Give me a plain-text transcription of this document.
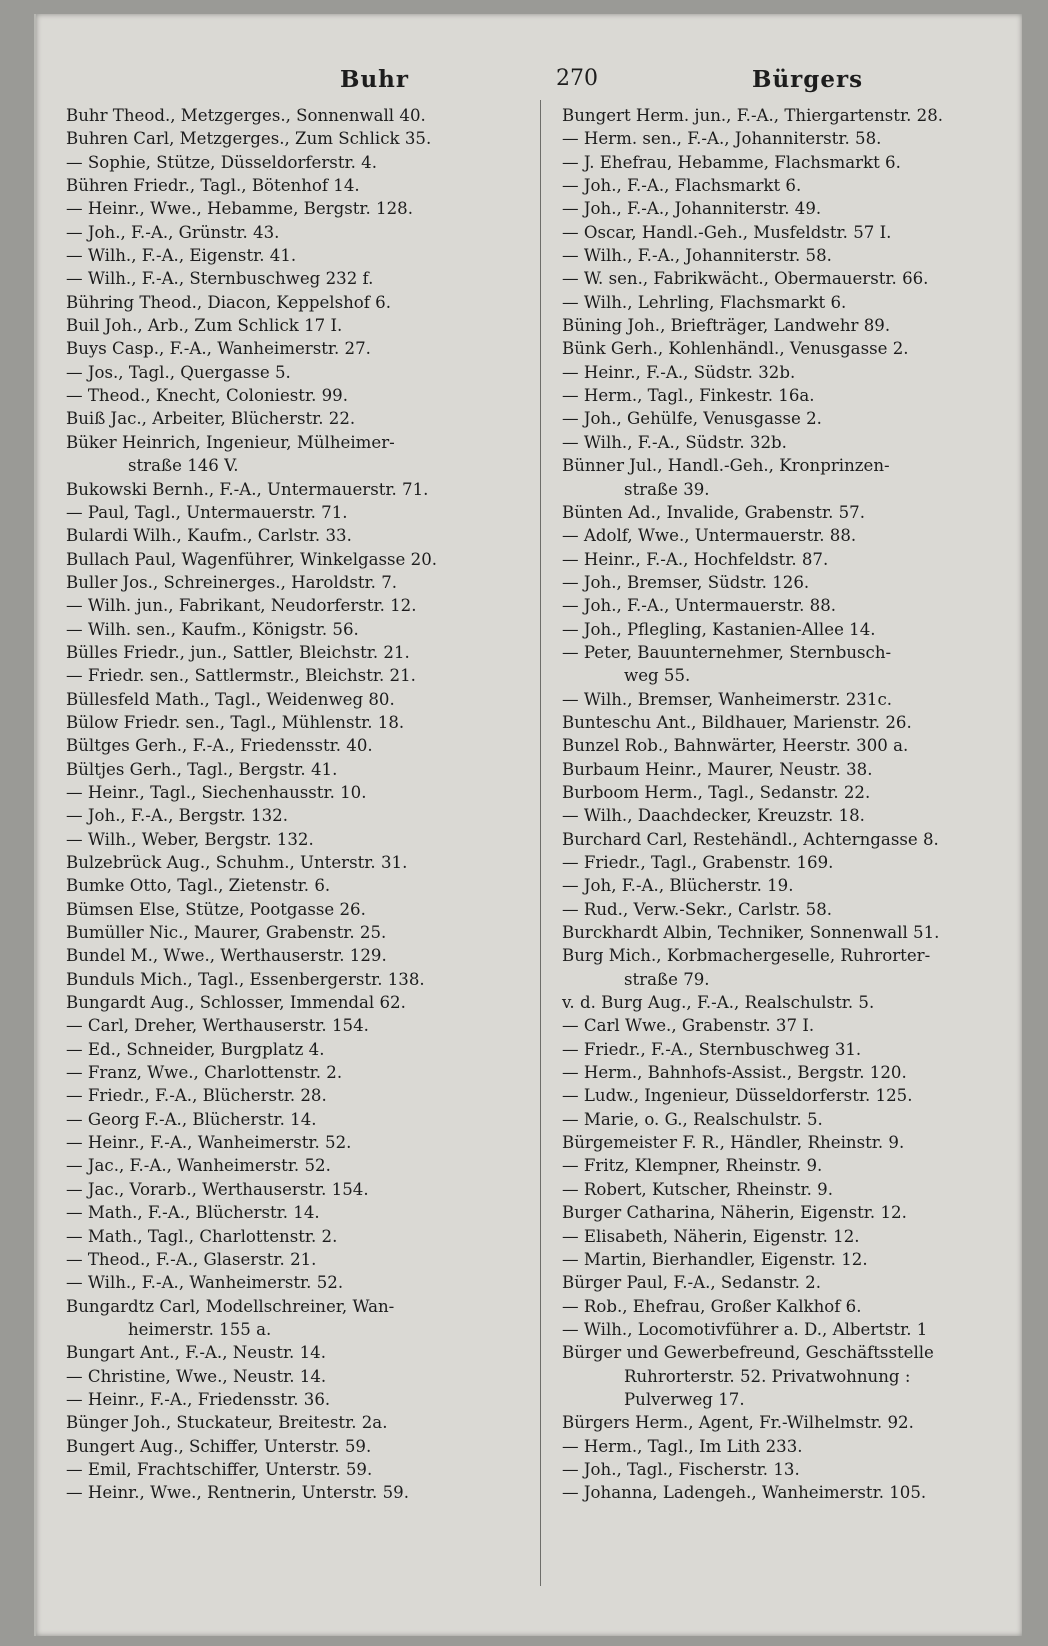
Buhr	270	Bürgers
Buhr Theod., Metzgerges., Sonnenwall 40.
Buhren Carl, Metzgerges., Zum Schlick 35.
— Sophie, Stütze, Düsseldorferstr. 4.
Bühren Friedr., Tagl., Bötenhof 14.
— Heinr., Wwe., Hebamme, Bergstr. 128.
— Joh., F.-A., Grünstr. 43.
— Wilh., F.-A., Eigenstr. 41.
— Wilh., F.-A., Sternbuschweg 232 f.
Bühring Theod., Diacon, Keppelshof 6.
Buil Joh., Arb., Zum Schlick 17 I.
Buys Casp., F.-A., Wanheimerstr. 27.
— Jos., Tagl., Quergasse 5.
— Theod., Knecht, Coloniestr. 99.
Buiß Jac., Arbeiter, Blücherstr. 22.
Büker Heinrich, Ingenieur, Mülheimer-
straße 146 V.
Bukowski Bernh., F.-A., Untermauerstr. 71.
— Paul, Tagl., Untermauerstr. 71.
Bulardi Wilh., Kaufm., Carlstr. 33.
Bullach Paul, Wagenführer, Winkelgasse 20.
Buller Jos., Schreinerges., Haroldstr. 7.
— Wilh. jun., Fabrikant, Neudorferstr. 12.
— Wilh. sen., Kaufm., Königstr. 56.
Bülles Friedr., jun., Sattler, Bleichstr. 21.
— Friedr. sen., Sattlermstr., Bleichstr. 21.
Büllesfeld Math., Tagl., Weidenweg 80.
Bülow Friedr. sen., Tagl., Mühlenstr. 18.
Bültges Gerh., F.-A., Friedensstr. 40.
Bültjes Gerh., Tagl., Bergstr. 41.
— Heinr., Tagl., Siechenhausstr. 10.
— Joh., F.-A., Bergstr. 132.
— Wilh., Weber, Bergstr. 132.
Bulzebrück Aug., Schuhm., Unterstr. 31.
Bumke Otto, Tagl., Zietenstr. 6.
Bümsen Else, Stütze, Pootgasse 26.
Bumüller Nic., Maurer, Grabenstr. 25.
Bundel M., Wwe., Werthauserstr. 129.
Bunduls Mich., Tagl., Essenbergerstr. 138.
Bungardt Aug., Schlosser, Immendal 62.
— Carl, Dreher, Werthauserstr. 154.
— Ed., Schneider, Burgplatz 4.
— Franz, Wwe., Charlottenstr. 2.
— Friedr., F.-A., Blücherstr. 28.
— Georg F.-A., Blücherstr. 14.
— Heinr., F.-A., Wanheimerstr. 52.
— Jac., F.-A., Wanheimerstr. 52.
— Jac., Vorarb., Werthauserstr. 154.
— Math., F.-A., Blücherstr. 14.
— Math., Tagl., Charlottenstr. 2.
— Theod., F.-A., Glaserstr. 21.
— Wilh., F.-A., Wanheimerstr. 52.
Bungardtz Carl, Modellschreiner, Wan-
heimerstr. 155 a.
Bungart Ant., F.-A., Neustr. 14.
— Christine, Wwe., Neustr. 14.
— Heinr., F.-A., Friedensstr. 36.
Bünger Joh., Stuckateur, Breitestr. 2a.
Bungert Aug., Schiffer, Unterstr. 59.
— Emil, Frachtschiffer, Unterstr. 59.
— Heinr., Wwe., Rentnerin, Unterstr. 59.
Bungert Herm. jun., F.-A., Thiergartenstr. 28.
— Herm. sen., F.-A., Johanniterstr. 58.
— J. Ehefrau, Hebamme, Flachsmarkt 6.
— Joh., F.-A., Flachsmarkt 6.
— Joh., F.-A., Johanniterstr. 49.
— Oscar, Handl.-Geh., Musfeldstr. 57 I.
— Wilh., F.-A., Johanniterstr. 58.
— W. sen., Fabrikwächt., Obermauerstr. 66.
— Wilh., Lehrling, Flachsmarkt 6.
Büning Joh., Briefträger, Landwehr 89.
Bünk Gerh., Kohlenhändl., Venusgasse 2.
— Heinr., F.-A., Südstr. 32b.
— Herm., Tagl., Finkestr. 16a.
— Joh., Gehülfe, Venusgasse 2.
— Wilh., F.-A., Südstr. 32b.
Bünner Jul., Handl.-Geh., Kronprinzen-
straße 39.
Bünten Ad., Invalide, Grabenstr. 57.
— Adolf, Wwe., Untermauerstr. 88.
— Heinr., F.-A., Hochfeldstr. 87.
— Joh., Bremser, Südstr. 126.
— Joh., F.-A., Untermauerstr. 88.
— Joh., Pflegling, Kastanien-Allee 14.
— Peter, Bauunternehmer, Sternbusch-
weg 55.
— Wilh., Bremser, Wanheimerstr. 231c.
Bunteschu Ant., Bildhauer, Marienstr. 26.
Bunzel Rob., Bahnwärter, Heerstr. 300 a.
Burbaum Heinr., Maurer, Neustr. 38.
Burboom Herm., Tagl., Sedanstr. 22.
— Wilh., Daachdecker, Kreuzstr. 18.
Burchard Carl, Restehändl., Achterngasse 8.
— Friedr., Tagl., Grabenstr. 169.
— Joh, F.-A., Blücherstr. 19.
— Rud., Verw.-Sekr., Carlstr. 58.
Burckhardt Albin, Techniker, Sonnenwall 51.
Burg Mich., Korbmachergeselle, Ruhrorter-
straße 79.
v. d. Burg Aug., F.-A., Realschulstr. 5.
— Carl Wwe., Grabenstr. 37 I.
— Friedr., F.-A., Sternbuschweg 31.
— Herm., Bahnhofs-Assist., Bergstr. 120.
— Ludw., Ingenieur, Düsseldorferstr. 125.
— Marie, o. G., Realschulstr. 5.
Bürgemeister F. R., Händler, Rheinstr. 9.
— Fritz, Klempner, Rheinstr. 9.
— Robert, Kutscher, Rheinstr. 9.
Burger Catharina, Näherin, Eigenstr. 12.
— Elisabeth, Näherin, Eigenstr. 12.
— Martin, Bierhandler, Eigenstr. 12.
Bürger Paul, F.-A., Sedanstr. 2.
— Rob., Ehefrau, Großer Kalkhof 6.
— Wilh., Locomotivführer a. D., Albertstr. 1
Bürger und Gewerbefreund, Geschäftsstelle
Ruhrorterstr. 52. Privatwohnung :
Pulverweg 17.
Bürgers Herm., Agent, Fr.-Wilhelmstr. 92.
— Herm., Tagl., Im Lith 233.
— Joh., Tagl., Fischerstr. 13.
— Johanna, Ladengeh., Wanheimerstr. 105.
